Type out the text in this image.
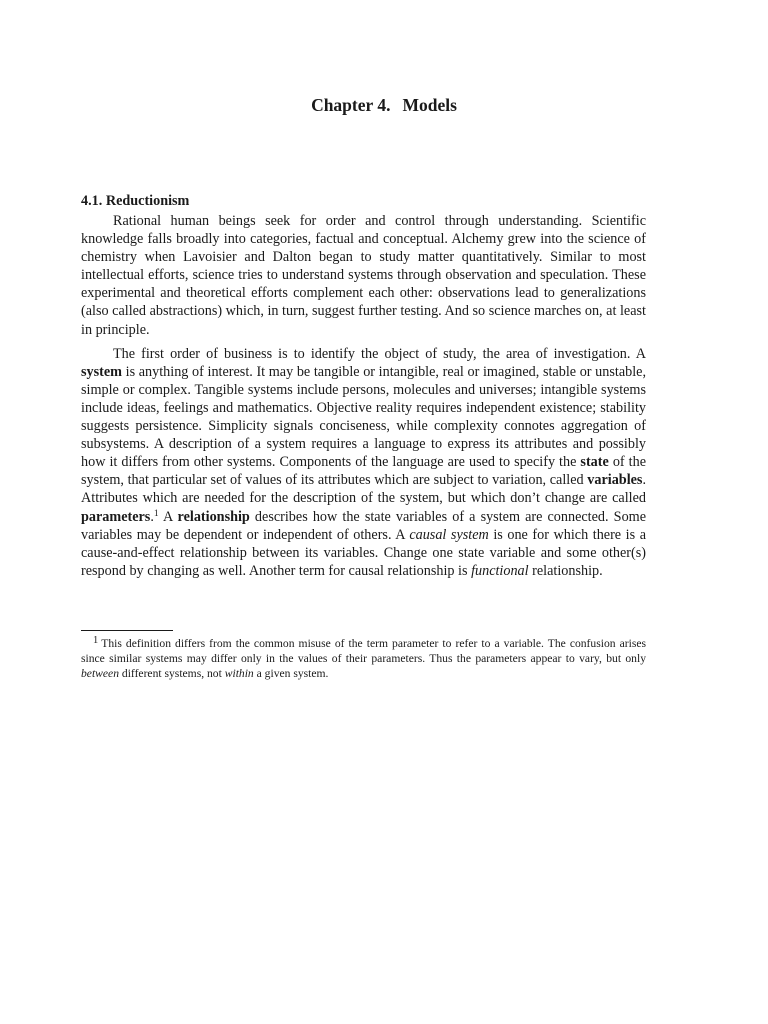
Chapter 4. Models
4.1. Reductionism

Rational human beings seek for order and control through understanding. Scientific knowledge falls broadly into categories, factual and conceptual. Alchemy grew into the science of chemistry when Lavoisier and Dalton began to study matter quantitatively. Similar to most intellectual efforts, science tries to understand systems through observation and speculation. These experimental and theoretical efforts complement each other: observations lead to generalizations (also called abstractions) which, in turn, suggest further testing. And so science marches on, at least in principle.

The first order of business is to identify the object of study, the area of investigation. A system is anything of interest. It may be tangible or intangible, real or imagined, stable or unstable, simple or complex. Tangible systems include persons, molecules and universes; intangible systems include ideas, feelings and mathematics. Objective reality requires independent existence; stability suggests persistence. Simplicity signals conciseness, while complexity connotes aggregation of subsystems. A description of a system requires a language to express its attributes and possibly how it differs from other systems. Components of the language are used to specify the state of the system, that particular set of values of its attributes which are subject to variation, called variables. Attributes which are needed for the description of the system, but which don’t change are called parameters.$^1$ A relationship describes how the state variables of a system are connected. Some variables may be dependent or independent of others. A causal system is one for which there is a cause-and-effect relationship between its variables. Change one state variable and some other(s) respond by changing as well. Another term for causal relationship is functional relationship.

1 This definition differs from the common misuse of the term parameter to refer to a variable. The confusion arises since similar systems may differ only in the values of their parameters. Thus the parameters appear to vary, but only between different systems, not within a given system.
